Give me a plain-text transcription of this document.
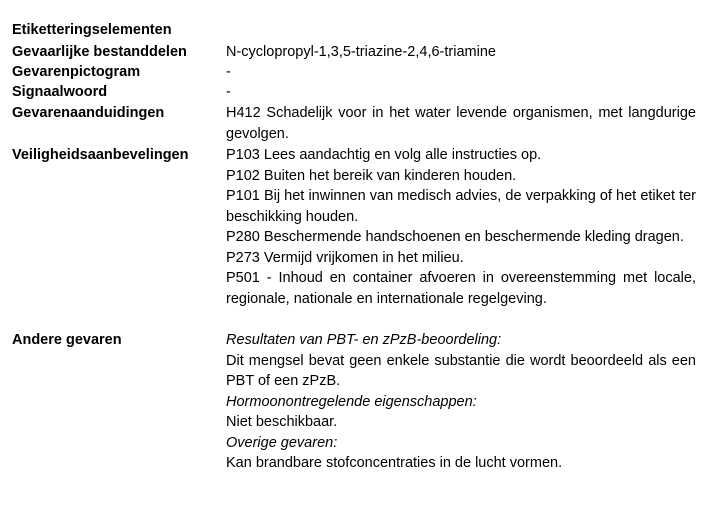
Etiketteringselementen
Gevaarlijke bestanddelen	N-cyclopropyl-1,3,5-triazine-2,4,6-triamine
Gevarenpictogram	-
Signaalwoord	-
Gevarenaanduidingen	H412 Schadelijk voor in het water levende organismen, met langdurige gevolgen.
Veiligheidsaanbevelingen	P103 Lees aandachtig en volg alle instructies op.

P102 Buiten het bereik van kinderen houden.

P101 Bij het inwinnen van medisch advies, de verpakking of het etiket ter beschikking houden.

P280 Beschermende handschoenen en beschermende kleding dragen.

P273 Vermijd vrijkomen in het milieu.

P501 - Inhoud en container afvoeren in overeenstemming met locale, regionale, nationale en internationale regelgeving.

Andere gevaren	Resultaten van PBT- en zPzB-beoordeling:

Dit mengsel bevat geen enkele substantie die wordt beoordeeld als een PBT of een zPzB.

Hormoonontregelende eigenschappen:

Niet beschikbaar.

Overige gevaren:

Kan brandbare stofconcentraties in de lucht vormen.
